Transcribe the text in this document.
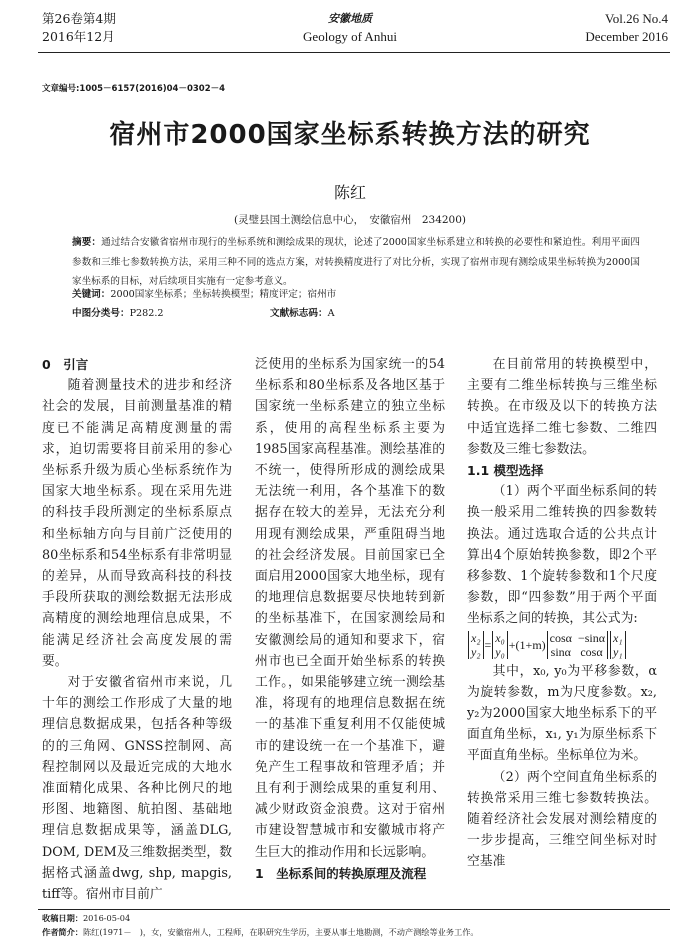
第26卷第4期
2016年12月
安徽地质
Geology of Anhui
Vol.26 No.4
December 2016
文章编号:1005－6157(2016)04－0302－4
宿州市2000国家坐标系转换方法的研究
陈红
(灵璧县国土测绘信息中心，　安徽宿州　234200)
摘要：通过结合安徽省宿州市现行的坐标系统和测绘成果的现状，论述了2000国家坐标系建立和转换的必要性和紧迫性。利用平面四参数和三维七参数转换方法，采用三种不同的选点方案，对转换精度进行了对比分析，实现了宿州市现有测绘成果坐标转换为2000国家坐标系的目标，对后续项目实施有一定参考意义。
关键词：2000国家坐标系；坐标转换模型；精度评定；宿州市
中图分类号：P282.2	文献标志码：A
0　引言

随着测量技术的进步和经济社会的发展，目前测量基准的精度已不能满足高精度测量的需求，迫切需要将目前采用的参心坐标系升级为质心坐标系统作为国家大地坐标系。现在采用先进的科技手段所测定的坐标系原点和坐标轴方向与目前广泛使用的80坐标系和54坐标系有非常明显的差异，从而导致高科技的科技手段所获取的测绘数据无法形成高精度的测绘地理信息成果，不能满足经济社会高度发展的需要。

对于安徽省宿州市来说，几十年的测绘工作形成了大量的地理信息数据成果，包括各种等级的的三角网、GNSS控制网、高程控制网以及最近完成的大地水准面精化成果、各种比例尺的地形图、地籍图、航拍图、基础地理信息数据成果等，涵盖DLG, DOM, DEM及三维数据类型，数据格式涵盖dwg, shp, mapgis, tiff等。宿州市目前广

泛使用的坐标系为国家统一的54坐标系和80坐标系及各地区基于国家统一坐标系建立的独立坐标系，使用的高程坐标系主要为1985国家高程基准。测绘基准的不统一，使得所形成的测绘成果无法统一利用，各个基准下的数据存在较大的差异，无法充分利用现有测绘成果，严重阻碍当地的社会经济发展。目前国家已全面启用2000国家大地坐标，现有的地理信息数据要尽快地转到新的坐标基准下，在国家测绘局和安徽测绘局的通知和要求下，宿州市也已全面开始坐标系的转换工作。，如果能够建立统一测绘基准，将现有的地理信息数据在统一的基准下重复利用不仅能使城市的建设统一在一个基准下，避免产生工程事故和管理矛盾；并且有利于测绘成果的重复利用、减少财政资金浪费。这对于宿州市建设智慧城市和安徽城市将产生巨大的推动作用和长远影响。

1　坐标系间的转换原理及流程

在目前常用的转换模型中，主要有二维坐标转换与三维坐标转换。在市级及以下的转换方法中适宜选择二维七参数、二维四参数及三维七参数法。

1.1 模型选择

（1）两个平面坐标系间的转换一般采用二维转换的四参数转换法。通过选取合适的公共点计算出4个原始转换参数，即2个平移参数、1个旋转参数和1个尺度参数，即“四参数”用于两个平面坐标系之间的转换，其公式为:

x₂
y₂ = x₀
y₀ +(1+m) cosα −sinα
sinα cosα
x₁
y₁

其中，x₀, y₀为平移参数，α为旋转参数，m为尺度参数。x₂, y₂为2000国家大地坐标系下的平面直角坐标，x₁, y₁为原坐标系下平面直角坐标。坐标单位为米。

（2）两个空间直角坐标系的转换常采用三维七参数转换法。随着经济社会发展对测绘精度的一步步提高，三维空间坐标对时空基准

收稿日期：2016-05-04
作者简介：陈红(1971－　)，女，安徽宿州人，工程师，在职研究生学历，主要从事土地勘测，不动产测绘等业务工作。
